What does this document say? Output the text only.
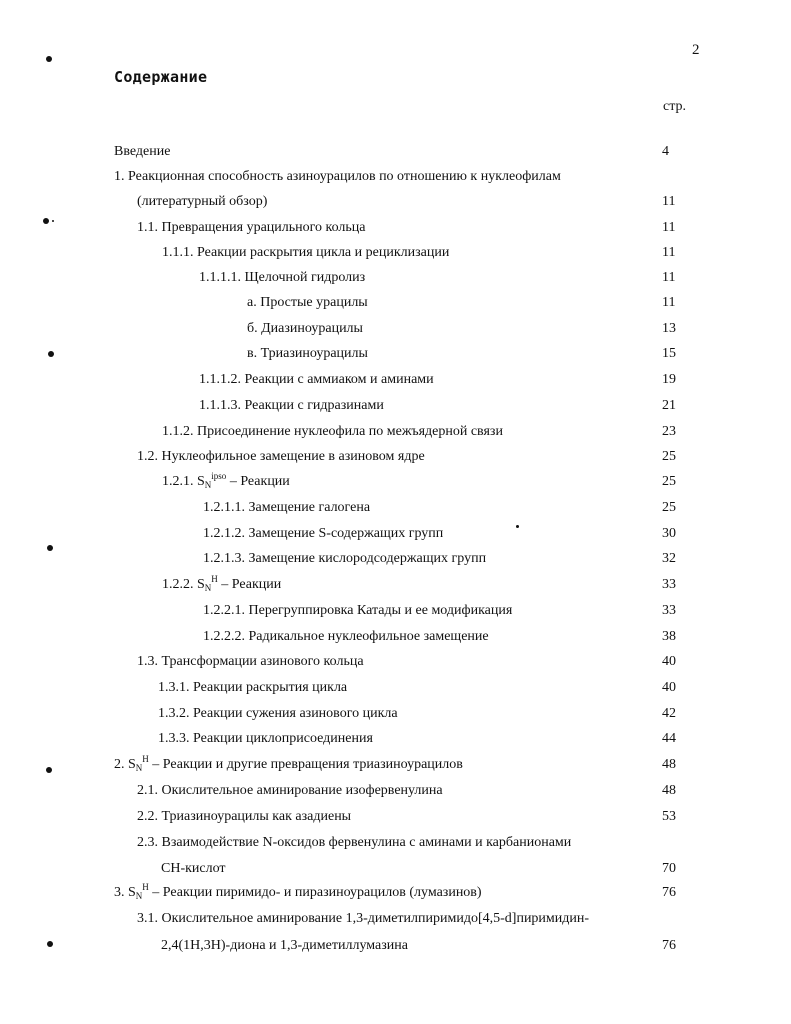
2
Содержание
стр.
Введение	4
1. Реакционная способность азиноурацилов по отношению к нуклеофилам
(литературный обзор)	11
1.1. Превращения урацильного кольца	11
1.1.1. Реакции раскрытия цикла и рециклизации	11
1.1.1.1. Щелочной гидролиз	11
а. Простые урацилы	11
б. Диазиноурацилы	13
в. Триазиноурацилы	15
1.1.1.2. Реакции с аммиаком и аминами	19
1.1.1.3. Реакции с гидразинами	21
1.1.2. Присоединение нуклеофила по межъядерной связи	23
1.2. Нуклеофильное замещение в азиновом ядре	25
1.2.1. $S_N^{ipso}$ – Реакции	25
1.2.1.1. Замещение галогена	25
1.2.1.2. Замещение S-содержащих групп	30
1.2.1.3. Замещение кислородсодержащих групп	32
1.2.2. $S_N^H$ – Реакции	33
1.2.2.1. Перегруппировка Катады и ее модификация	33
1.2.2.2. Радикальное нуклеофильное замещение	38
1.3. Трансформации азинового кольца	40
1.3.1. Реакции раскрытия цикла	40
1.3.2. Реакции сужения азинового цикла	42
1.3.3. Реакции циклоприсоединения	44
2. $S_N^H$ – Реакции и другие превращения триазиноурацилов	48
2.1. Окислительное аминирование изофервенулина	48
2.2. Триазиноурацилы как азадиены	53
2.3. Взаимодействие N-оксидов фервенулина с аминами и карбанионами
CH-кислот	70
3. $S_N^H$ – Реакции пиримидо- и пиразиноурацилов (лумазинов)	76
3.1. Окислительное аминирование 1,3-диметилпиримидо[4,5-d]пиримидин-
2,4(1H,3H)-диона и 1,3-диметиллумазина	76
